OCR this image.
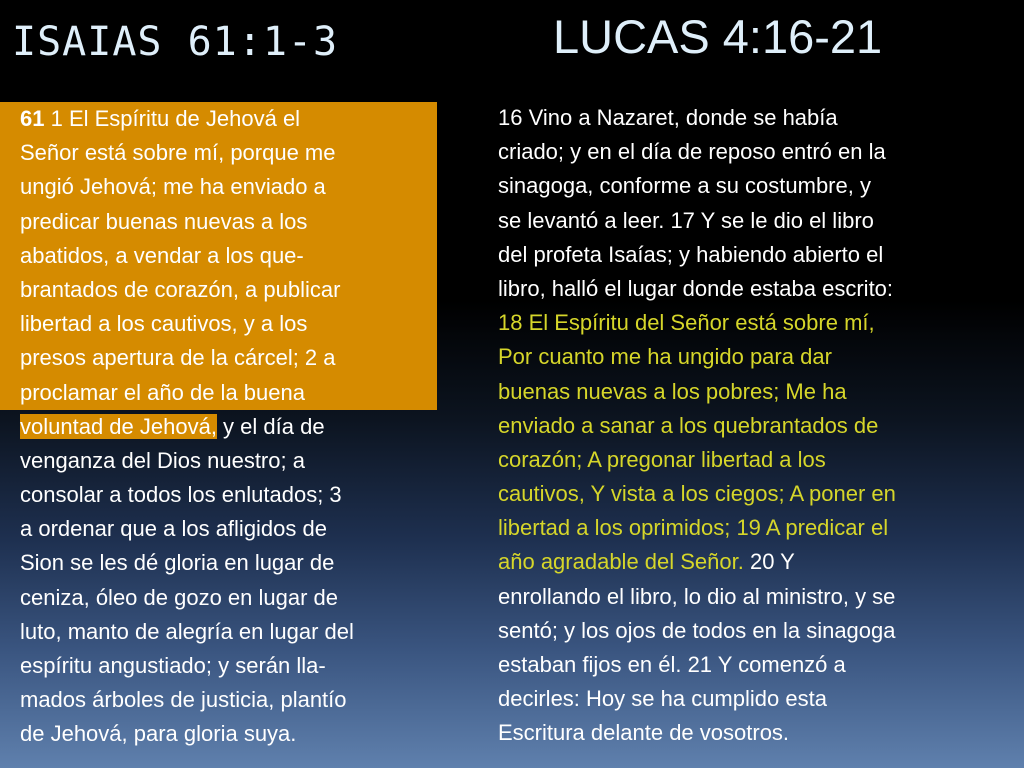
ISAIAS 61:1-3	LUCAS 4:16-21
61 1 El Espíritu de Jehová el
Señor está sobre mí, porque me
ungió Jehová; me ha enviado a
predicar buenas nuevas a los
abatidos, a vendar a los que-
brantados de corazón, a publicar
libertad a los cautivos, y a los
presos apertura de la cárcel; 2 a
proclamar el año de la buena
voluntad de Jehová, y el día de
venganza del Dios nuestro; a
consolar a todos los enlutados; 3
a ordenar que a los afligidos de
Sion se les dé gloria en lugar de
ceniza, óleo de gozo en lugar de
luto, manto de alegría en lugar del
espíritu angustiado; y serán lla-
mados árboles de justicia, plantío
de Jehová, para gloria suya.
16 Vino a Nazaret, donde se había
criado; y en el día de reposo entró en la
sinagoga, conforme a su costumbre, y
se levantó a leer. 17 Y se le dio el libro
del profeta Isaías; y habiendo abierto el
libro, halló el lugar donde estaba escrito:
18 El Espíritu del Señor está sobre mí,
Por cuanto me ha ungido para dar
buenas nuevas a los pobres; Me ha
enviado a sanar a los quebrantados de
corazón; A pregonar libertad a los
cautivos, Y vista a los ciegos; A poner en
libertad a los oprimidos; 19 A predicar el
año agradable del Señor. 20 Y
enrollando el libro, lo dio al ministro, y se
sentó; y los ojos de todos en la sinagoga
estaban fijos en él. 21 Y comenzó a
decirles: Hoy se ha cumplido esta
Escritura delante de vosotros.
